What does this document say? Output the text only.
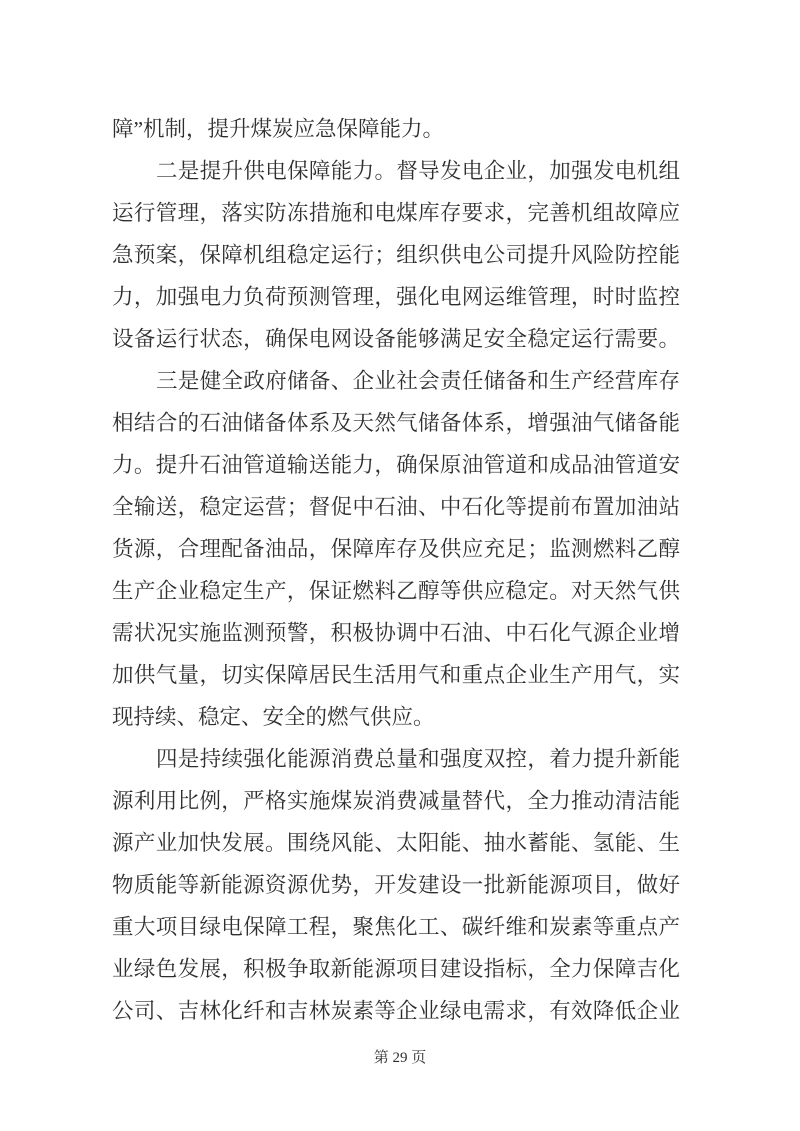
障”机制，提升煤炭应急保障能力。
二是提升供电保障能力。督导发电企业，加强发电机组
运行管理，落实防冻措施和电煤库存要求，完善机组故障应
急预案，保障机组稳定运行；组织供电公司提升风险防控能
力，加强电力负荷预测管理，强化电网运维管理，时时监控
设备运行状态，确保电网设备能够满足安全稳定运行需要。
三是健全政府储备、企业社会责任储备和生产经营库存
相结合的石油储备体系及天然气储备体系，增强油气储备能
力。提升石油管道输送能力，确保原油管道和成品油管道安
全输送，稳定运营；督促中石油、中石化等提前布置加油站
货源，合理配备油品，保障库存及供应充足；监测燃料乙醇
生产企业稳定生产，保证燃料乙醇等供应稳定。对天然气供
需状况实施监测预警，积极协调中石油、中石化气源企业增
加供气量，切实保障居民生活用气和重点企业生产用气，实
现持续、稳定、安全的燃气供应。
四是持续强化能源消费总量和强度双控，着力提升新能
源利用比例，严格实施煤炭消费减量替代，全力推动清洁能
源产业加快发展。围绕风能、太阳能、抽水蓄能、氢能、生
物质能等新能源资源优势，开发建设一批新能源项目，做好
重大项目绿电保障工程，聚焦化工、碳纤维和炭素等重点产
业绿色发展，积极争取新能源项目建设指标，全力保障吉化
公司、吉林化纤和吉林炭素等企业绿电需求，有效降低企业
第 29 页
